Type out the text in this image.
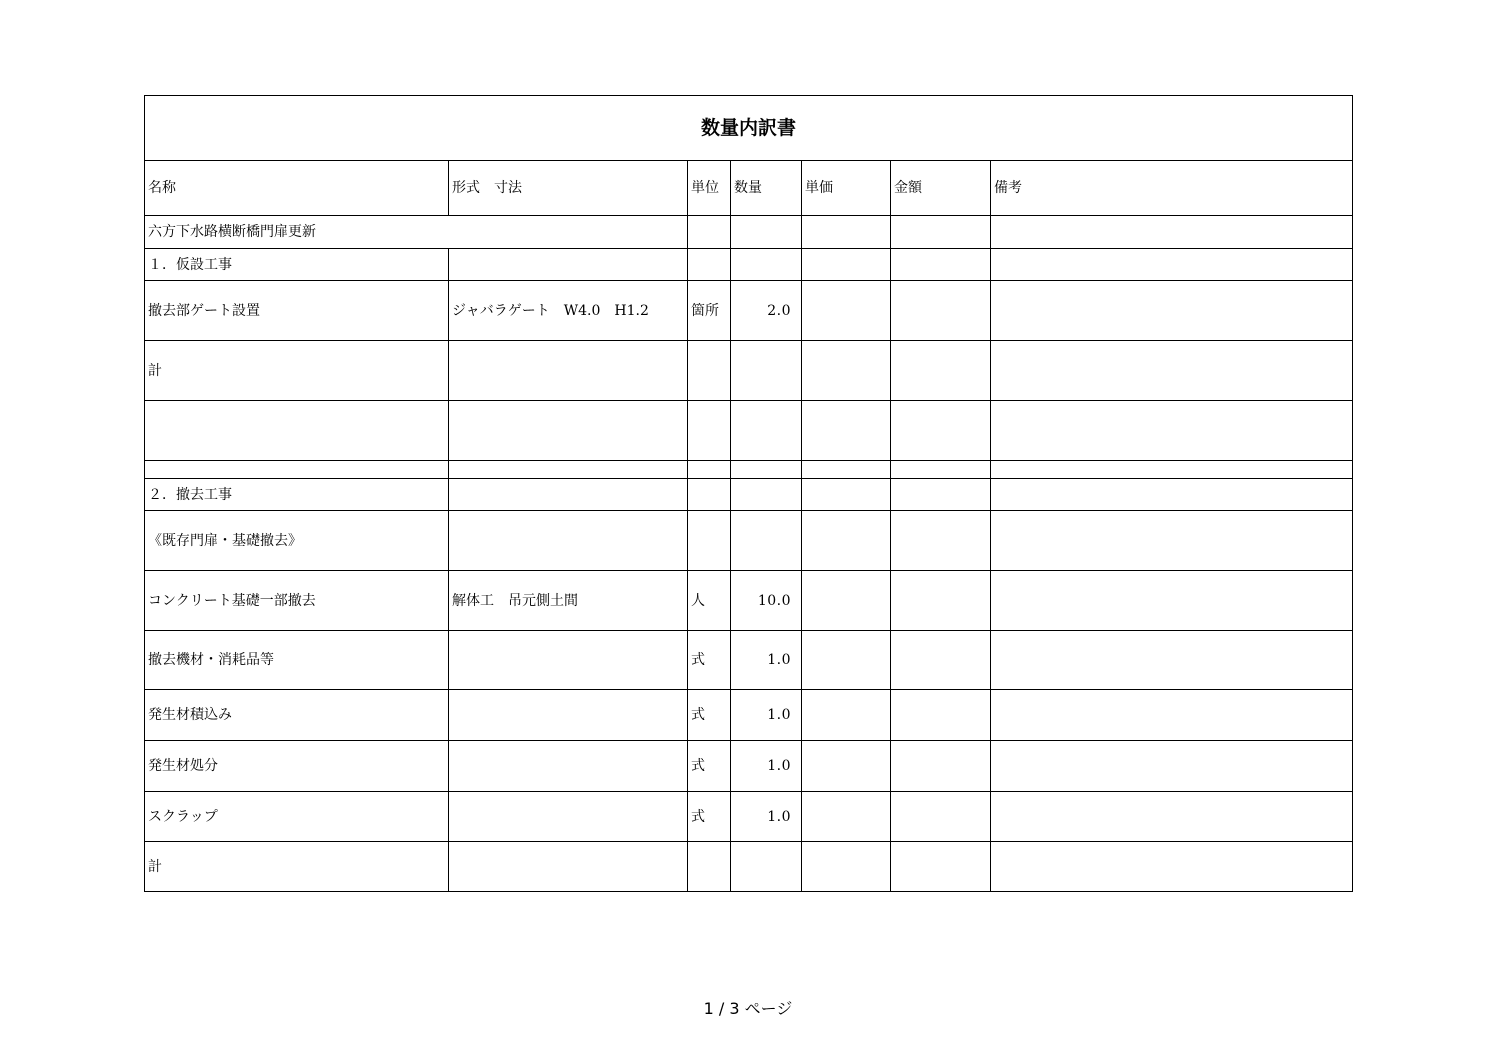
数量内訳書						
名称	形式　寸法	単位	数量	単価	金額	備考
六方下水路横断橋門扉更新						
１．仮設工事						
撤去部ゲート設置	ジャバラゲート　W4.0　H1.2	箇所	2.0			
計						

２．撤去工事						
《既存門扉・基礎撤去》						
コンクリート基礎一部撤去	解体工　吊元側土間	人	10.0			
撤去機材・消耗品等		式	1.0			
発生材積込み		式	1.0			
発生材処分		式	1.0			
スクラップ		式	1.0			
計						
1 / 3 ページ
